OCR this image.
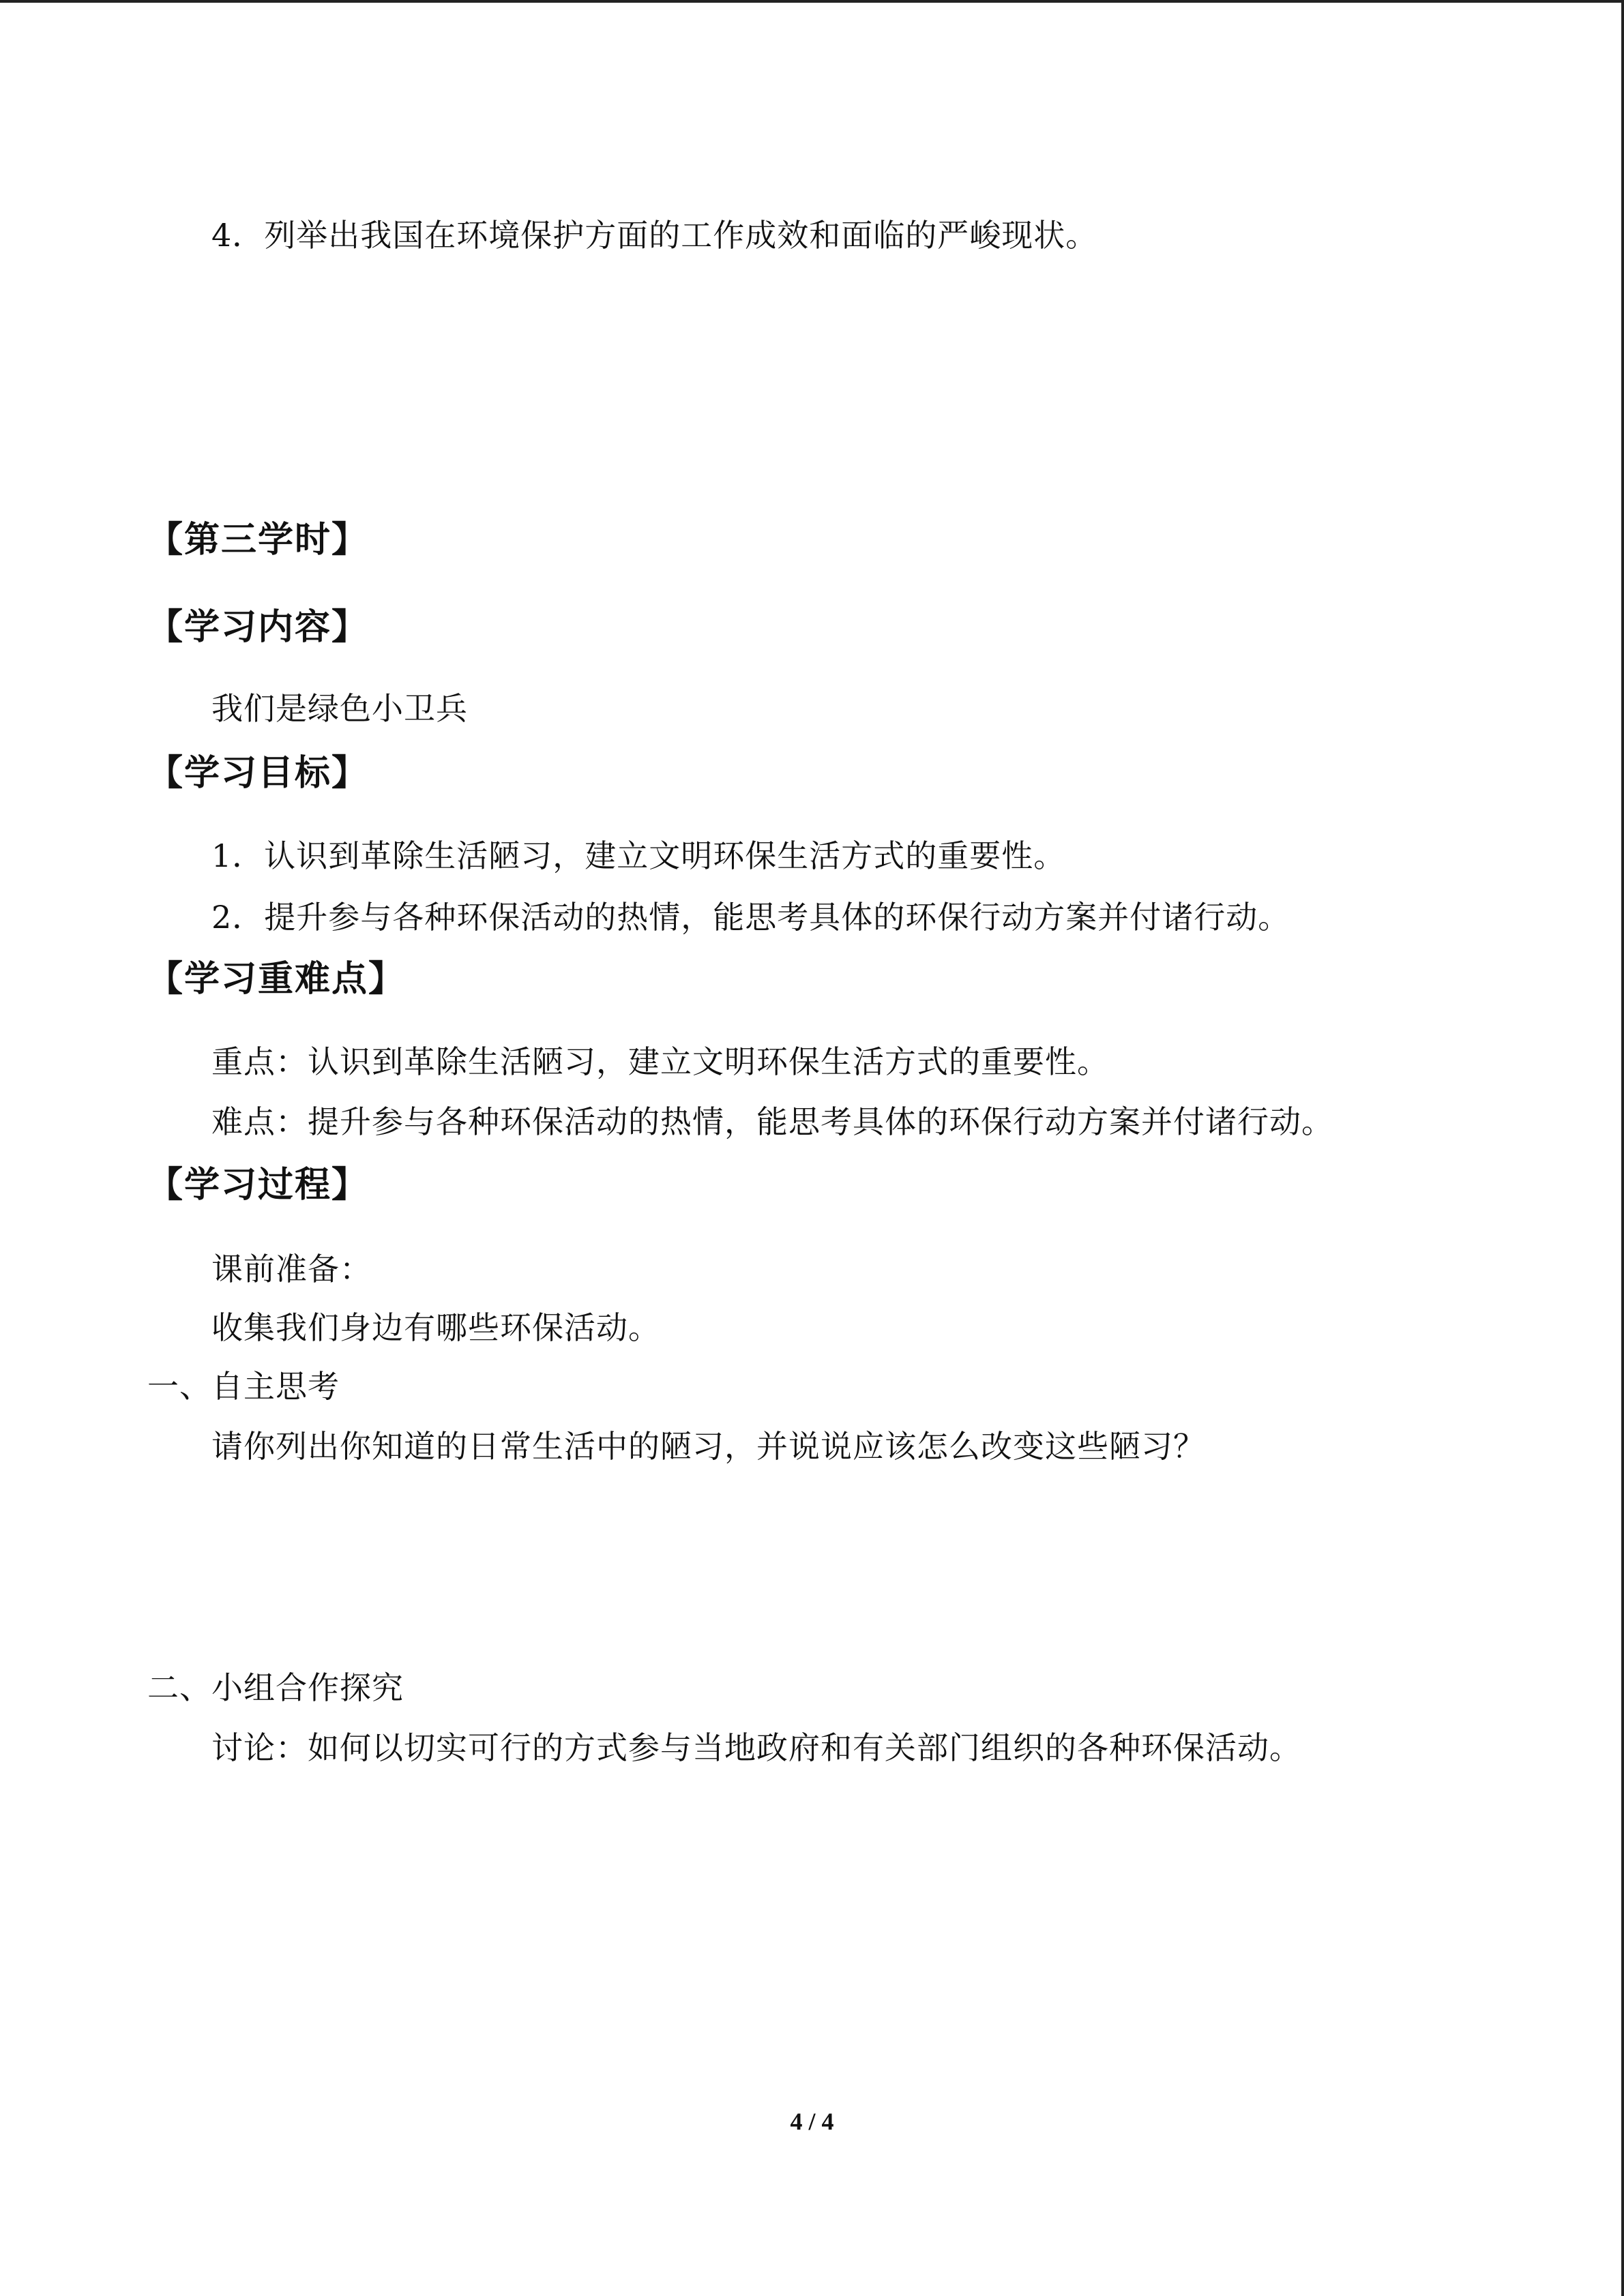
4．列举出我国在环境保护方面的工作成效和面临的严峻现状。
【第三学时】
【学习内容】
我们是绿色小卫兵
【学习目标】
1．认识到革除生活陋习，建立文明环保生活方式的重要性。
2．提升参与各种环保活动的热情，能思考具体的环保行动方案并付诸行动。
【学习重难点】
重点：认识到革除生活陋习，建立文明环保生活方式的重要性。
难点：提升参与各种环保活动的热情，能思考具体的环保行动方案并付诸行动。
【学习过程】
课前准备：
收集我们身边有哪些环保活动。
一、自主思考
请你列出你知道的日常生活中的陋习，并说说应该怎么改变这些陋习？
二、小组合作探究
讨论：如何以切实可行的方式参与当地政府和有关部门组织的各种环保活动。
4 / 4
